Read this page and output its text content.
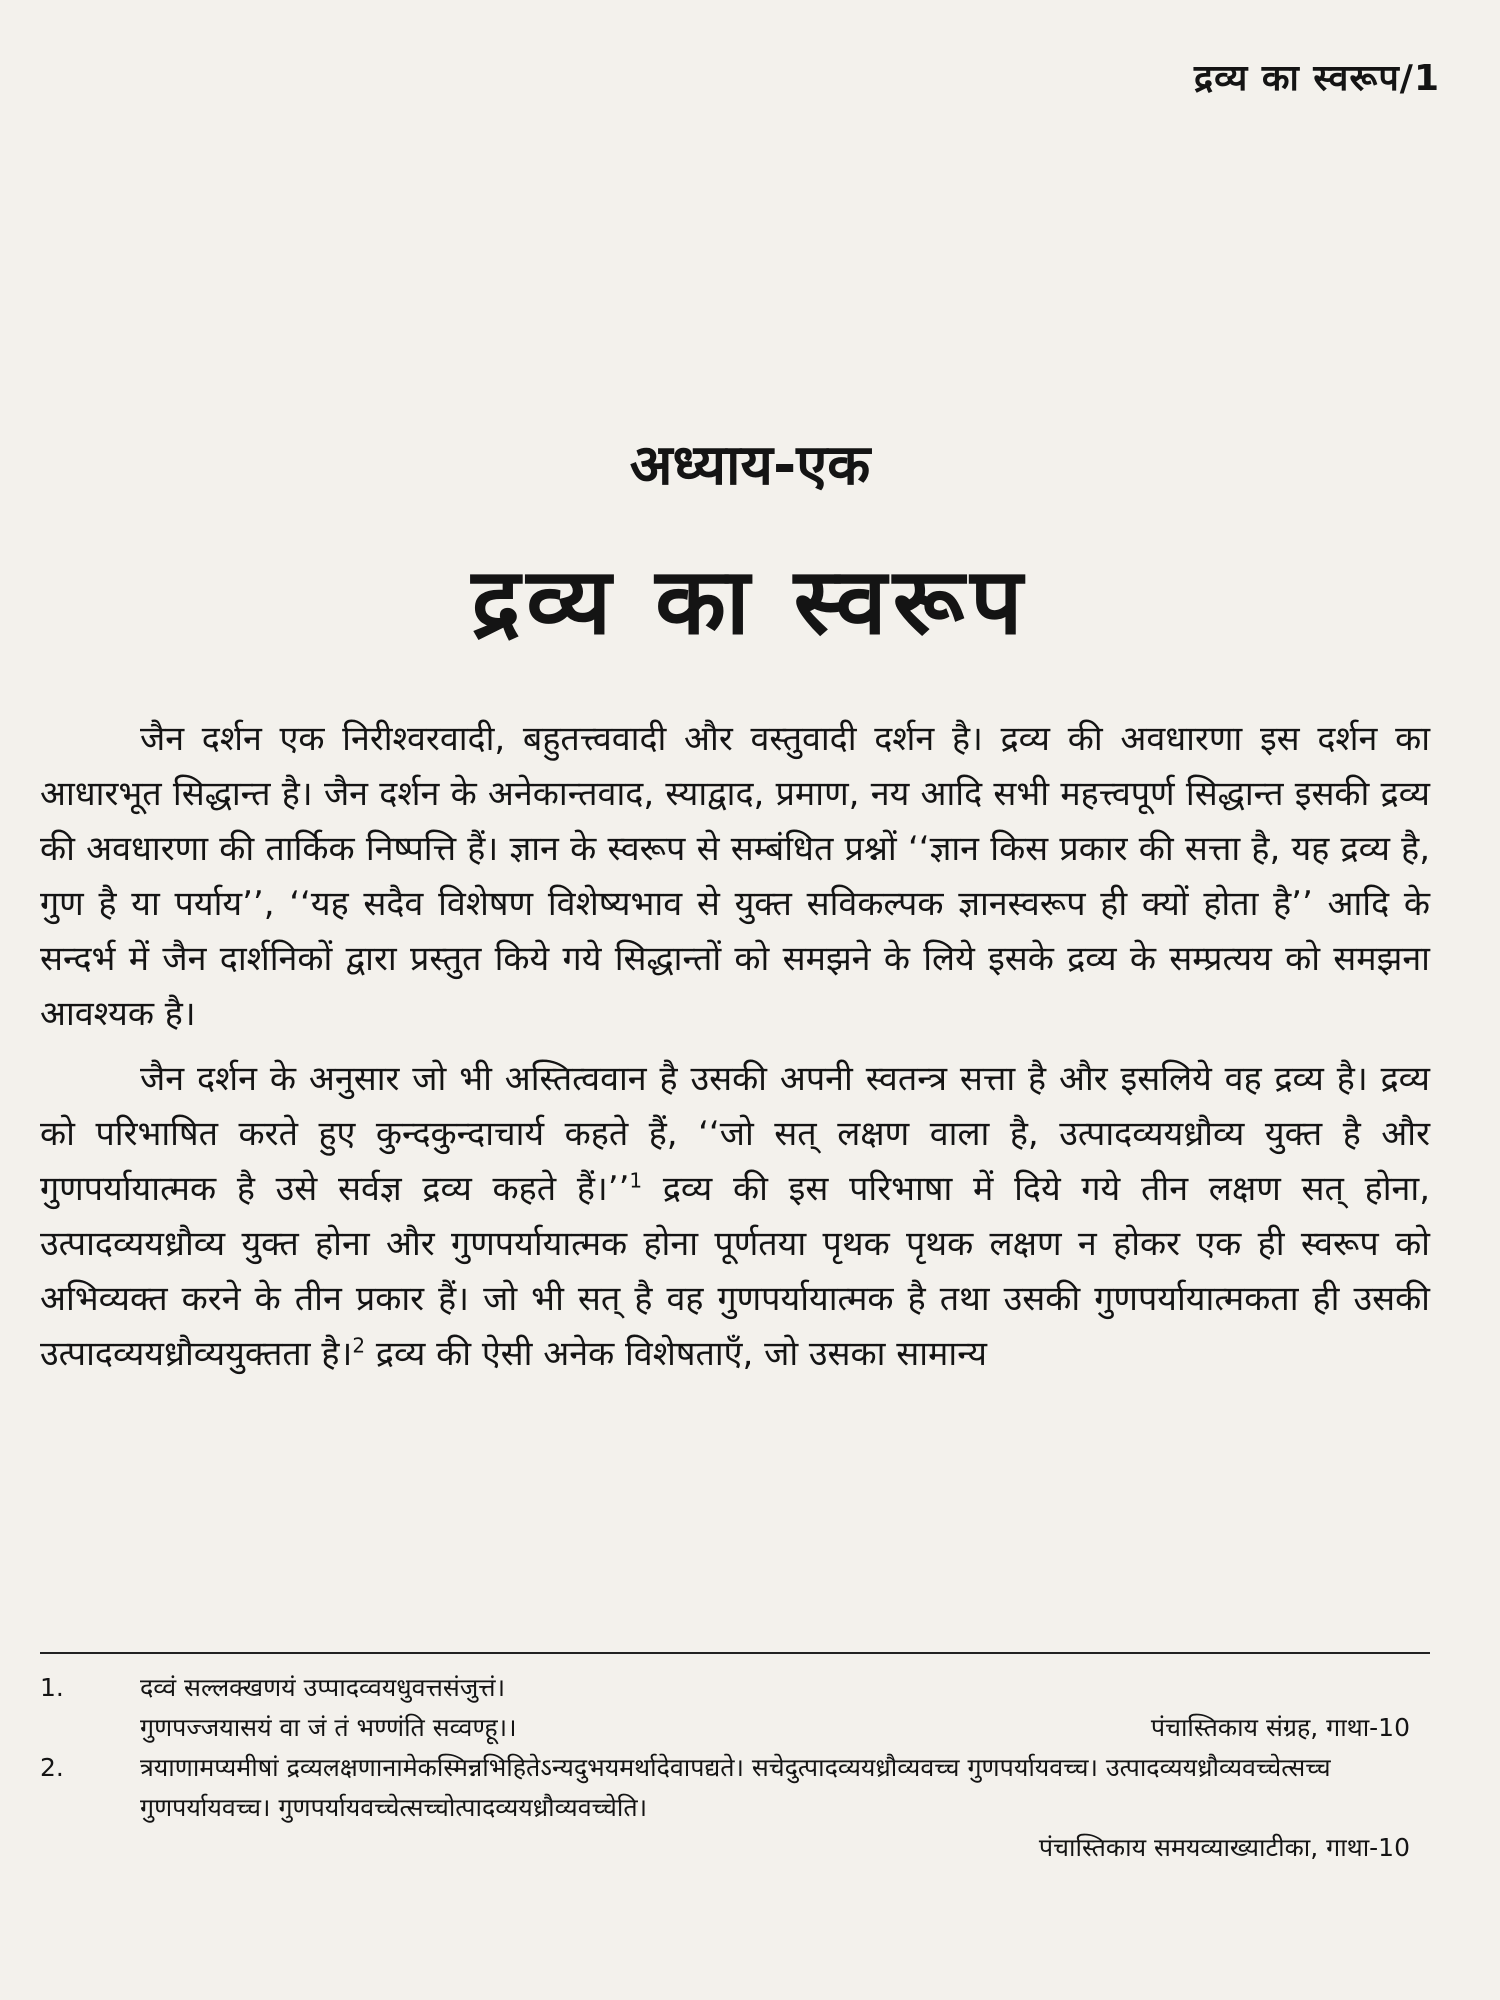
द्रव्य का स्वरूप/1
अध्याय-एक
द्रव्य का स्वरूप

जैन दर्शन एक निरीश्वरवादी, बहुतत्त्ववादी और वस्तुवादी दर्शन है। द्रव्य की अवधारणा इस दर्शन का आधारभूत सिद्धान्त है। जैन दर्शन के अनेकान्तवाद, स्याद्वाद, प्रमाण, नय आदि सभी महत्त्वपूर्ण सिद्धान्त इसकी द्रव्य की अवधारणा की तार्किक निष्पत्ति हैं। ज्ञान के स्वरूप से सम्बंधित प्रश्नों ‘‘ज्ञान किस प्रकार की सत्ता है, यह द्रव्य है, गुण है या पर्याय’’, ‘‘यह सदैव विशेषण विशेष्यभाव से युक्त सविकल्पक ज्ञानस्वरूप ही क्यों होता है’’ आदि के सन्दर्भ में जैन दार्शनिकों द्वारा प्रस्तुत किये गये सिद्धान्तों को समझने के लिये इसके द्रव्य के सम्प्रत्यय को समझना आवश्यक है।

जैन दर्शन के अनुसार जो भी अस्तित्ववान है उसकी अपनी स्वतन्त्र सत्ता है और इसलिये वह द्रव्य है। द्रव्य को परिभाषित करते हुए कुन्दकुन्दाचार्य कहते हैं, ‘‘जो सत् लक्षण वाला है, उत्पादव्ययध्रौव्य युक्त है और गुणपर्यायात्मक है उसे सर्वज्ञ द्रव्य कहते हैं।’’$^1$ द्रव्य की इस परिभाषा में दिये गये तीन लक्षण सत् होना, उत्पादव्ययध्रौव्य युक्त होना और गुणपर्यायात्मक होना पूर्णतया पृथक पृथक लक्षण न होकर एक ही स्वरूप को अभिव्यक्त करने के तीन प्रकार हैं। जो भी सत् है वह गुणपर्यायात्मक है तथा उसकी गुणपर्यायात्मकता ही उसकी उत्पादव्ययध्रौव्ययुक्तता है।$^2$ द्रव्य की ऐसी अनेक विशेषताएँ, जो उसका सामान्य

1.	दव्वं सल्लक्खणयं उप्पादव्वयधुवत्तसंजुत्तं।
गुणपज्जयासयं वा जं तं भण्णंति सव्वण्हू।।	पंचास्तिकाय संग्रह, गाथा-10
2.	त्रयाणामप्यमीषां द्रव्यलक्षणानामेकस्मिन्नभिहितेऽन्यदुभयमर्थादेवापद्यते। सचेदुत्पादव्ययध्रौव्यवच्च गुणपर्यायवच्च। उत्पादव्ययध्रौव्यवच्चेत्सच्च गुणपर्यायवच्च। गुणपर्यायवच्चेत्सच्चोत्पादव्ययध्रौव्यवच्चेति।
पंचास्तिकाय समयव्याख्याटीका, गाथा-10
